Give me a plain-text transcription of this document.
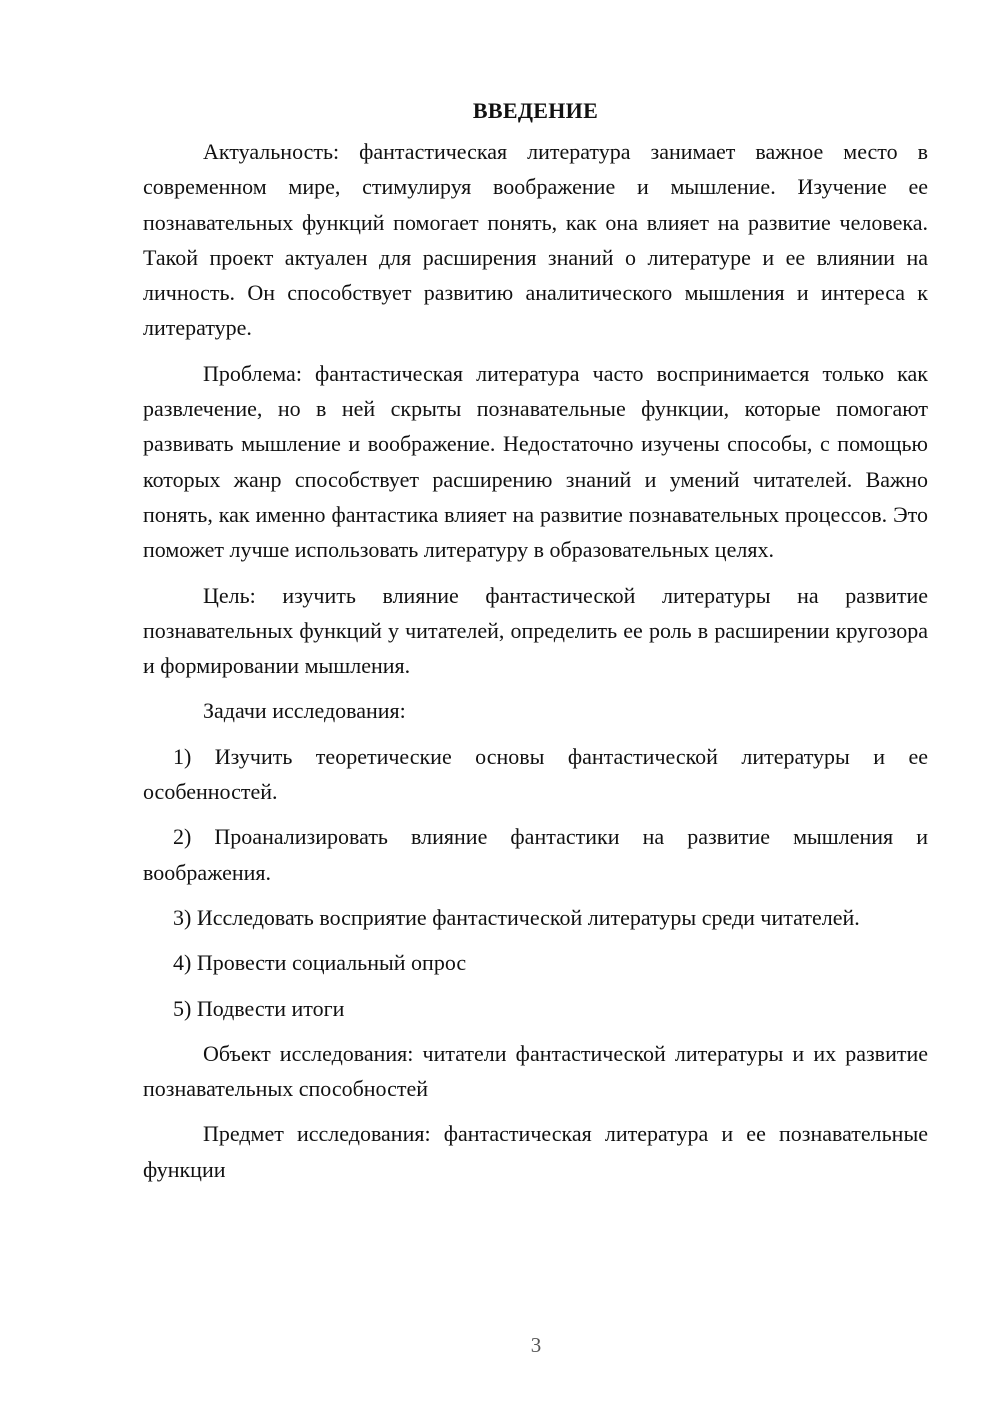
ВВЕДЕНИЕ

Актуальность: фантастическая литература занимает важное место в современном мире, стимулируя воображение и мышление. Изучение ее познавательных функций помогает понять, как она влияет на развитие человека. Такой проект актуален для расширения знаний о литературе и ее влиянии на личность. Он способствует развитию аналитического мышления и интереса к литературе.

Проблема: фантастическая литература часто воспринимается только как развлечение, но в ней скрыты познавательные функции, которые помогают развивать мышление и воображение. Недостаточно изучены способы, с помощью которых жанр способствует расширению знаний и умений читателей. Важно понять, как именно фантастика влияет на развитие познавательных процессов. Это поможет лучше использовать литературу в образовательных целях.

Цель: изучить влияние фантастической литературы на развитие познавательных функций у читателей, определить ее роль в расширении кругозора и формировании мышления.

Задачи исследования:

1) Изучить теоретические основы фантастической литературы и ее особенностей.

2) Проанализировать влияние фантастики на развитие мышления и воображения.

3) Исследовать восприятие фантастической литературы среди читателей.

4) Провести социальный опрос

5) Подвести итоги

Объект исследования: читатели фантастической литературы и их развитие познавательных способностей

Предмет исследования: фантастическая литература и ее познавательные функции

3
